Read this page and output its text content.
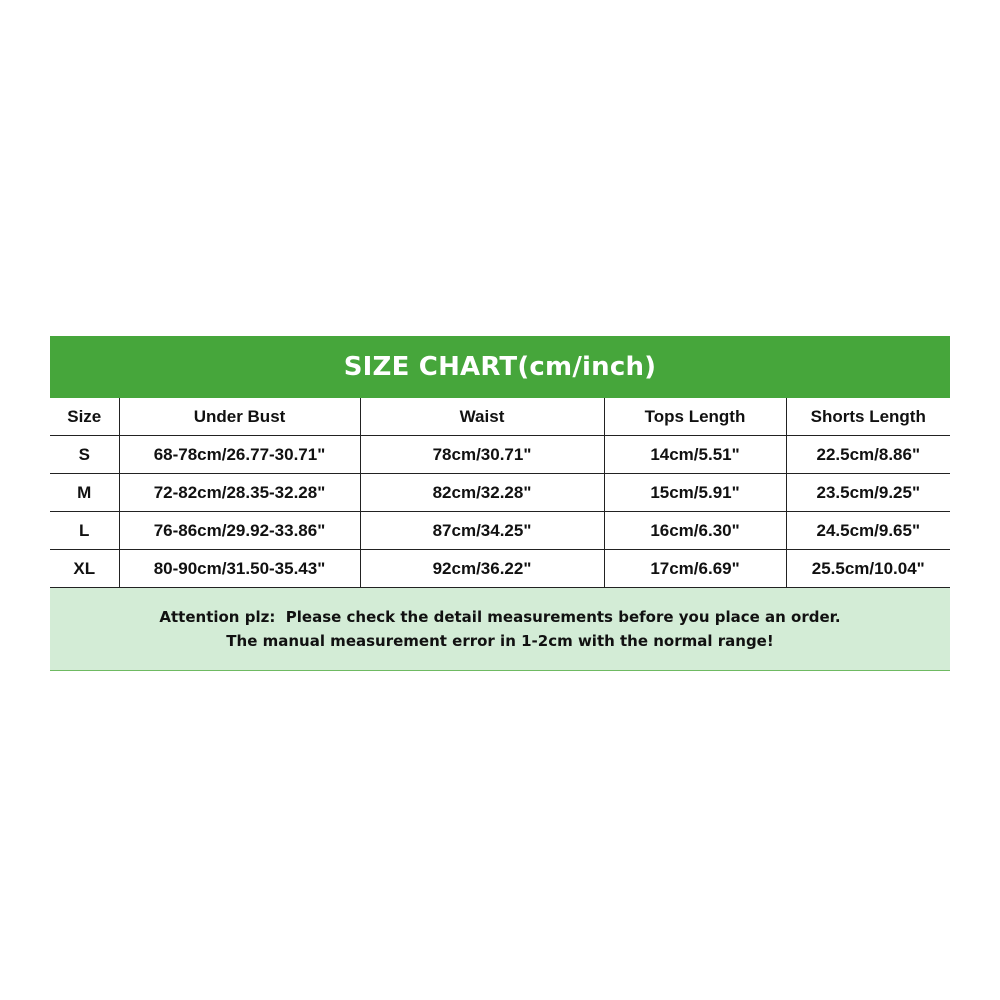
SIZE CHART(cm/inch)
Size	Under Bust	Waist	Tops Length	Shorts Length
S	68-78cm/26.77-30.71"	78cm/30.71"	14cm/5.51"	22.5cm/8.86"
M	72-82cm/28.35-32.28"	82cm/32.28"	15cm/5.91"	23.5cm/9.25"
L	76-86cm/29.92-33.86"	87cm/34.25"	16cm/6.30"	24.5cm/9.65"
XL	80-90cm/31.50-35.43"	92cm/36.22"	17cm/6.69"	25.5cm/10.04"
Attention plz:  Please check the detail measurements before you place an order.
The manual measurement error in 1-2cm with the normal range!
